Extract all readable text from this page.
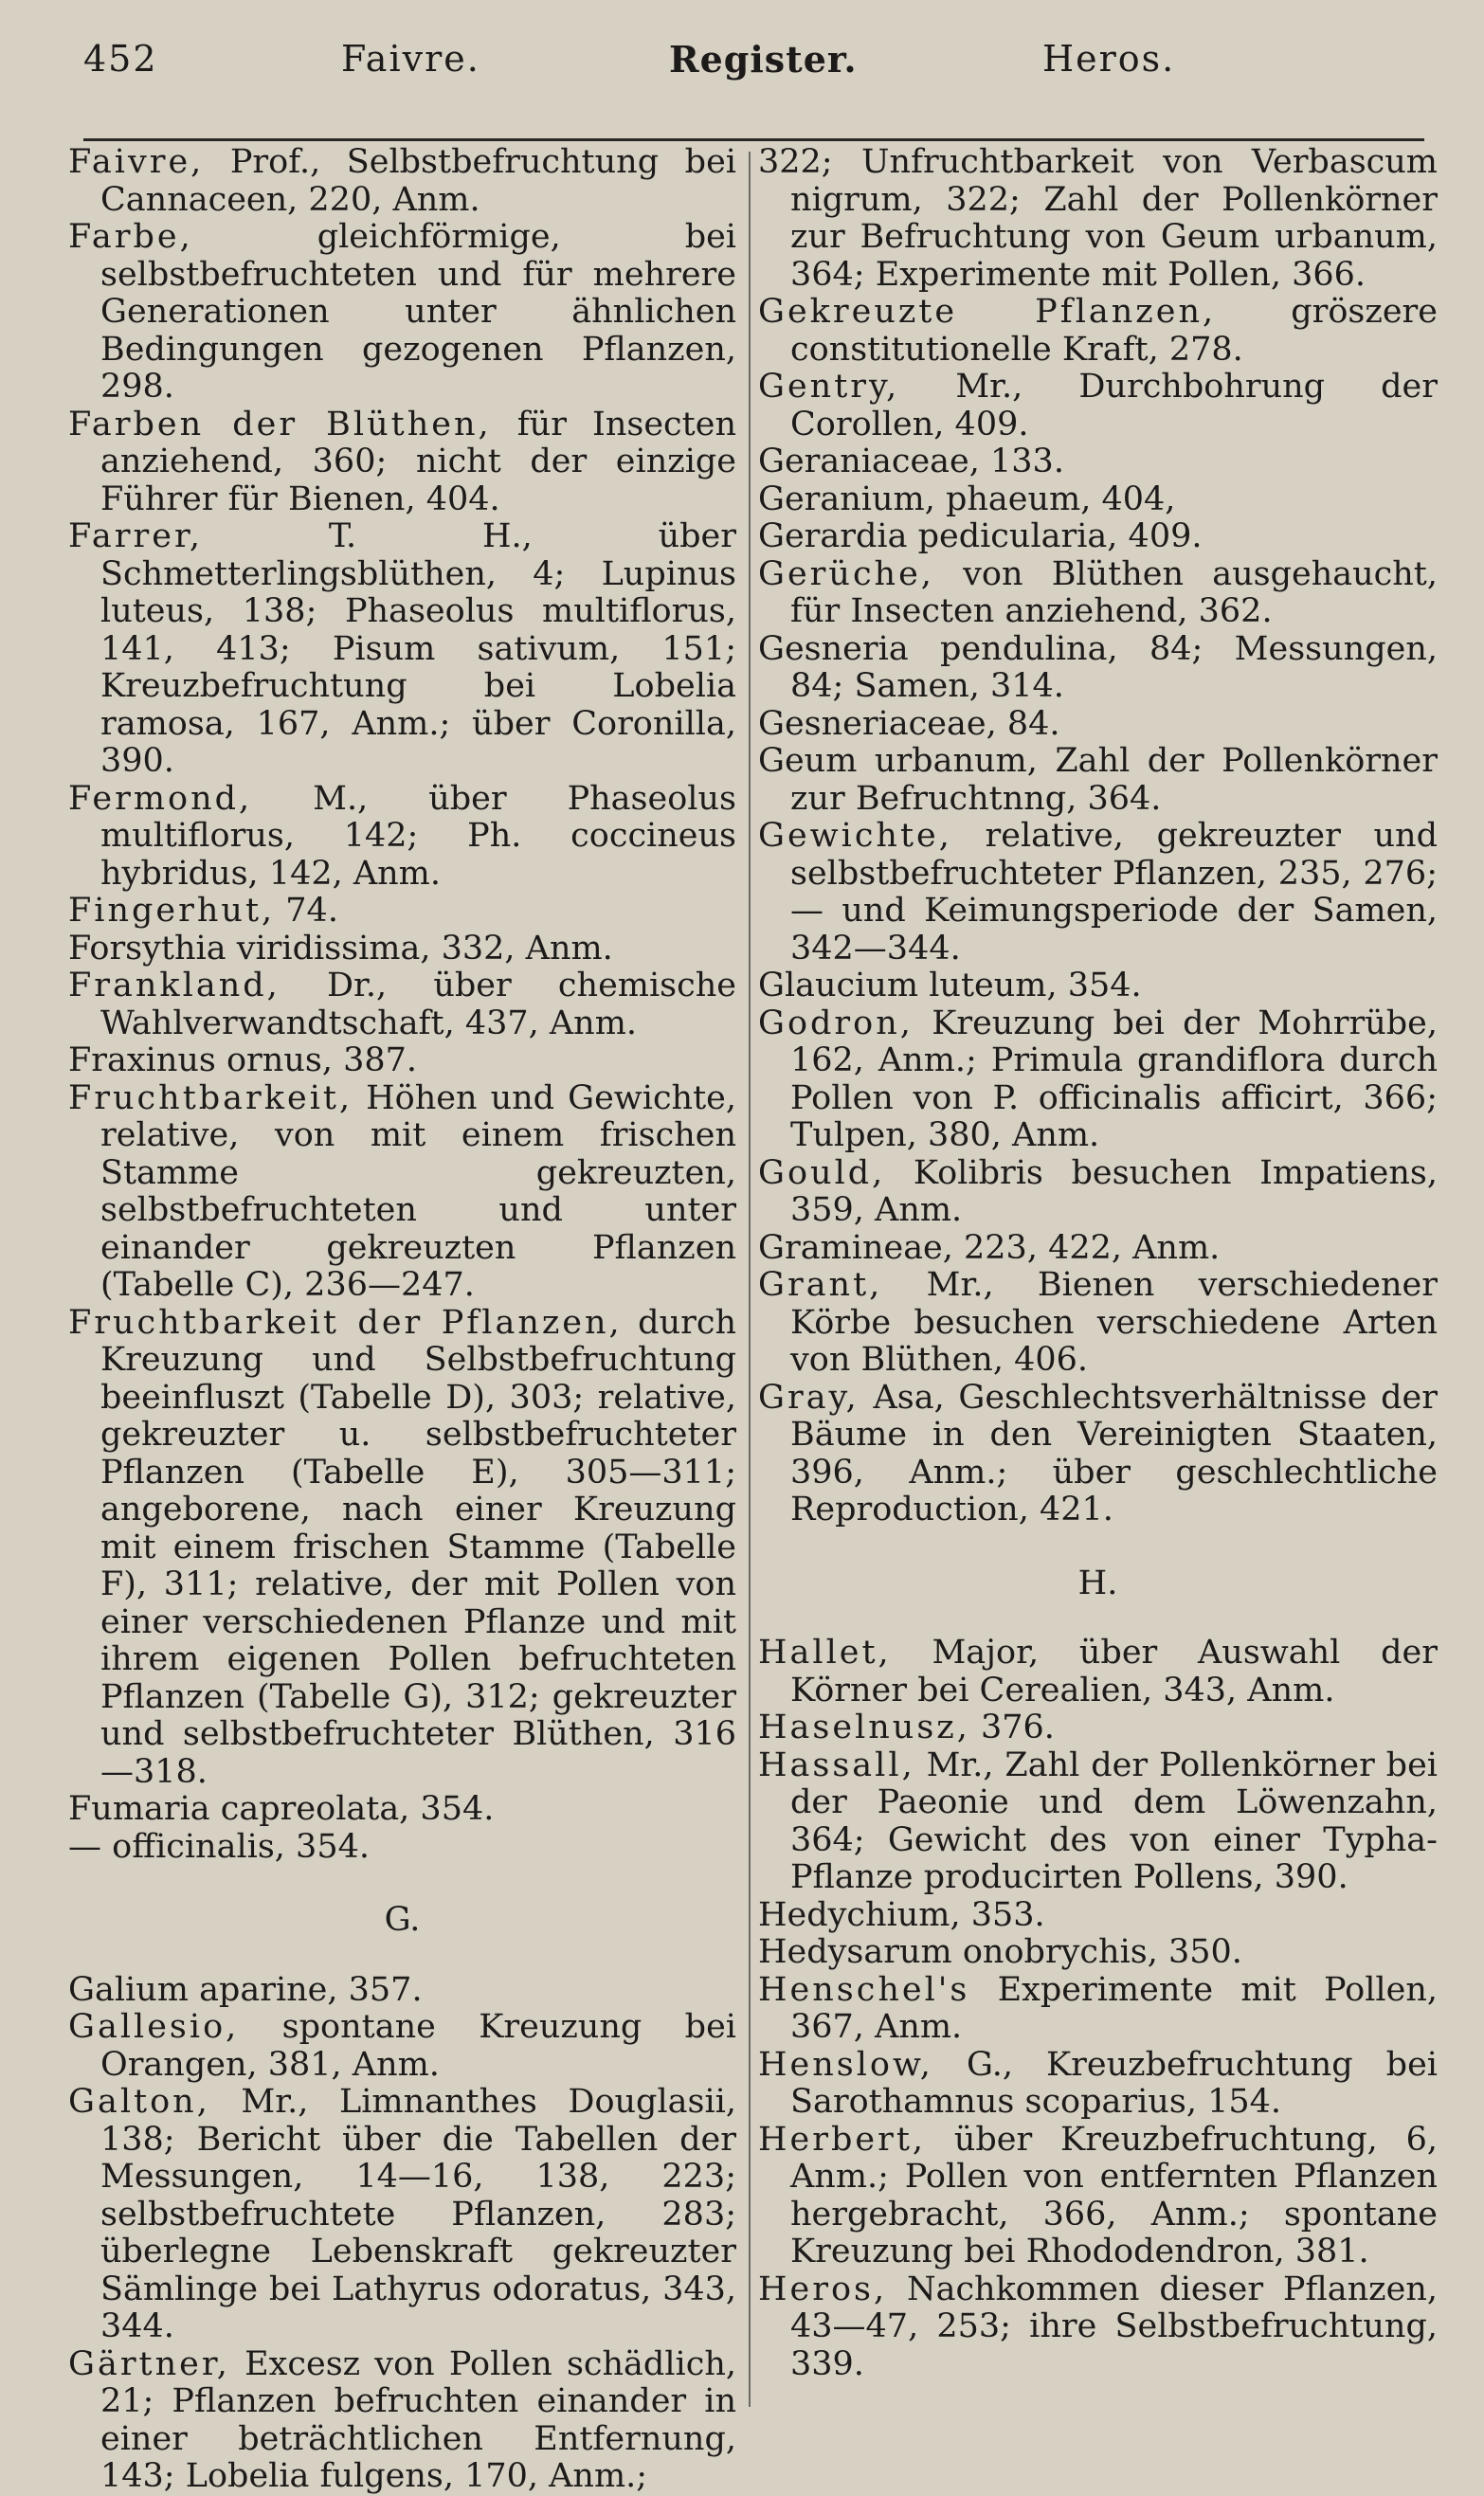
452	Faivre.	Register.	Heros.

Faivre, Prof., Selbstbefruchtung bei Cannaceen, 220, Anm.

Farbe, gleichförmige, bei selbstbefruchteten und für mehrere Generationen unter ähnlichen Bedingungen gezogenen Pflanzen, 298.

Farben der Blüthen, für Insecten anziehend, 360; nicht der einzige Führer für Bienen, 404.

Farrer, T. H., über Schmetterlingsblüthen, 4; Lupinus luteus, 138; Phaseolus multiflorus, 141, 413; Pisum sativum, 151; Kreuzbefruchtung bei Lobelia ramosa, 167, Anm.; über Coronilla, 390.

Fermond, M., über Phaseolus multiflorus, 142; Ph. coccineus hybridus, 142, Anm.

Fingerhut, 74.

Forsythia viridissima, 332, Anm.

Frankland, Dr., über chemische Wahlverwandtschaft, 437, Anm.

Fraxinus ornus, 387.

Fruchtbarkeit, Höhen und Gewichte, relative, von mit einem frischen Stamme gekreuzten, selbstbefruchteten und unter einander gekreuzten Pflanzen (Tabelle C), 236—247.

Fruchtbarkeit der Pflanzen, durch Kreuzung und Selbstbefruchtung beeinfluszt (Tabelle D), 303; relative, gekreuzter u. selbstbefruchteter Pflanzen (Tabelle E), 305—311; angeborene, nach einer Kreuzung mit einem frischen Stamme (Tabelle F), 311; relative, der mit Pollen von einer verschiedenen Pflanze und mit ihrem eigenen Pollen befruchteten Pflanzen (Tabelle G), 312; gekreuzter und selbstbefruchteter Blüthen, 316—318.

Fumaria capreolata, 354.

— officinalis, 354.

G.

Galium aparine, 357.

Gallesio, spontane Kreuzung bei Orangen, 381, Anm.

Galton, Mr., Limnanthes Douglasii, 138; Bericht über die Tabellen der Messungen, 14—16, 138, 223; selbstbefruchtete Pflanzen, 283; überlegne Lebenskraft gekreuzter Sämlinge bei Lathyrus odoratus, 343, 344.

Gärtner, Excesz von Pollen schädlich, 21; Pflanzen befruchten einander in einer beträchtlichen Entfernung, 143; Lobelia fulgens, 170, Anm.;

322; Unfruchtbarkeit von Verbascum nigrum, 322; Zahl der Pollenkörner zur Befruchtung von Geum urbanum, 364; Experimente mit Pollen, 366.

Gekreuzte Pflanzen, gröszere constitutionelle Kraft, 278.

Gentry, Mr., Durchbohrung der Corollen, 409.

Geraniaceae, 133.

Geranium, phaeum, 404,

Gerardia pedicularia, 409.

Gerüche, von Blüthen ausgehaucht, für Insecten anziehend, 362.

Gesneria pendulina, 84; Messungen, 84; Samen, 314.

Gesneriaceae, 84.

Geum urbanum, Zahl der Pollenkörner zur Befruchtnng, 364.

Gewichte, relative, gekreuzter und selbstbefruchteter Pflanzen, 235, 276; — und Keimungsperiode der Samen, 342—344.

Glaucium luteum, 354.

Godron, Kreuzung bei der Mohrrübe, 162, Anm.; Primula grandiflora durch Pollen von P. officinalis afficirt, 366; Tulpen, 380, Anm.

Gould, Kolibris besuchen Impatiens, 359, Anm.

Gramineae, 223, 422, Anm.

Grant, Mr., Bienen verschiedener Körbe besuchen verschiedene Arten von Blüthen, 406.

Gray, Asa, Geschlechtsverhältnisse der Bäume in den Vereinigten Staaten, 396, Anm.; über geschlechtliche Reproduction, 421.

H.

Hallet, Major, über Auswahl der Körner bei Cerealien, 343, Anm.

Haselnusz, 376.

Hassall, Mr., Zahl der Pollenkörner bei der Paeonie und dem Löwenzahn, 364; Gewicht des von einer Typha-Pflanze producirten Pollens, 390.

Hedychium, 353.

Hedysarum onobrychis, 350.

Henschel's Experimente mit Pollen, 367, Anm.

Henslow, G., Kreuzbefruchtung bei Sarothamnus scoparius, 154.

Herbert, über Kreuzbefruchtung, 6, Anm.; Pollen von entfernten Pflanzen hergebracht, 366, Anm.; spontane Kreuzung bei Rhododendron, 381.

Heros, Nachkommen dieser Pflanzen, 43—47, 253; ihre Selbstbefruchtung, 339.
